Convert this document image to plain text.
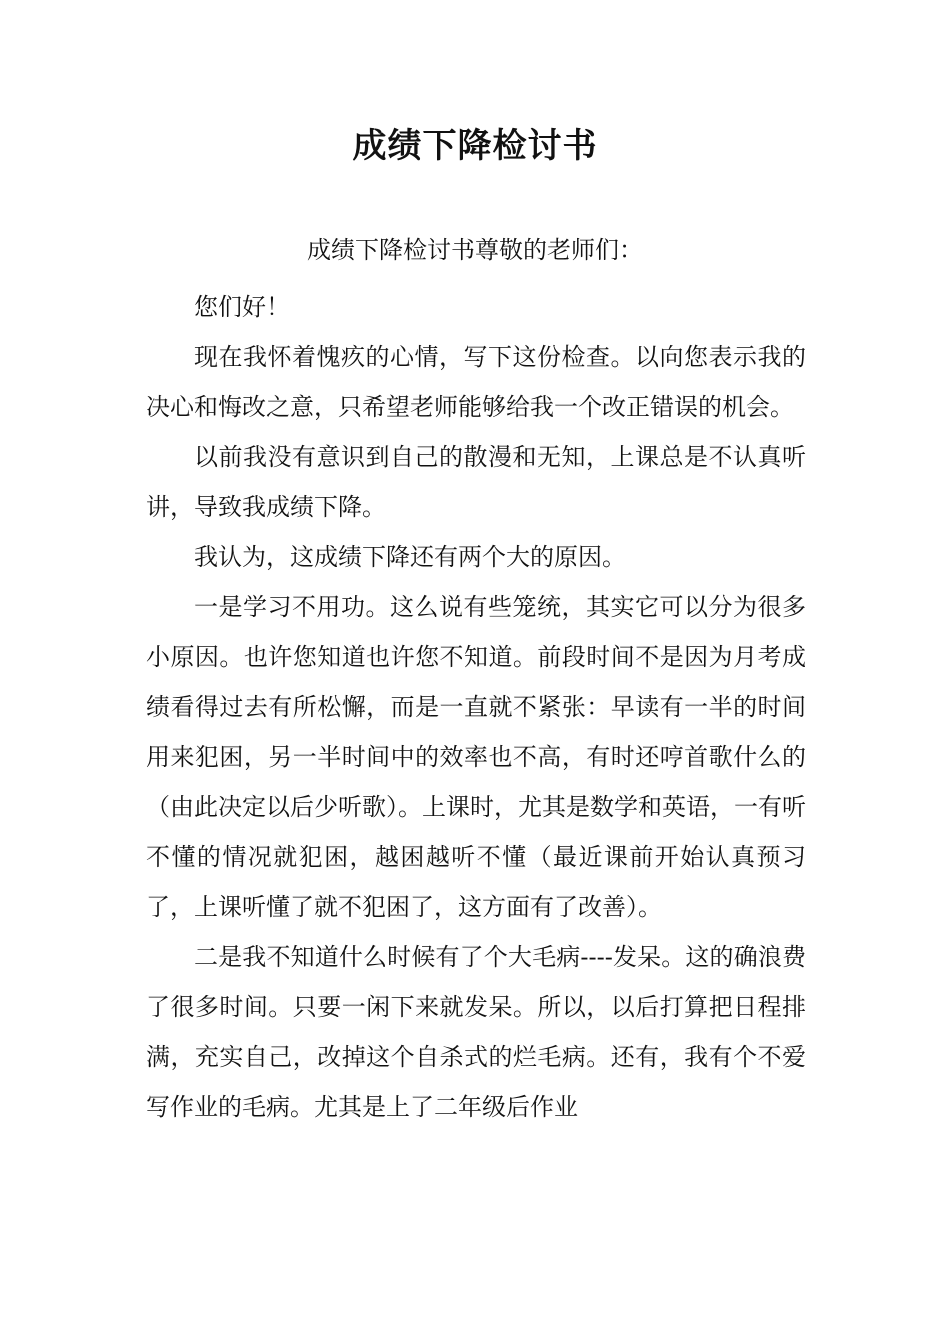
成绩下降检讨书
成绩下降检讨书尊敬的老师们：

您们好！

现在我怀着愧疚的心情，写下这份检查。以向您表示我的决心和悔改之意，只希望老师能够给我一个改正错误的机会。

以前我没有意识到自己的散漫和无知，上课总是不认真听讲，导致我成绩下降。

我认为，这成绩下降还有两个大的原因。

一是学习不用功。这么说有些笼统，其实它可以分为很多小原因。也许您知道也许您不知道。前段时间不是因为月考成绩看得过去有所松懈，而是一直就不紧张：早读有一半的时间用来犯困，另一半时间中的效率也不高，有时还哼首歌什么的（由此决定以后少听歌）。上课时，尤其是数学和英语，一有听不懂的情况就犯困，越困越听不懂（最近课前开始认真预习了，上课听懂了就不犯困了，这方面有了改善）。

二是我不知道什么时候有了个大毛病----发呆。这的确浪费了很多时间。只要一闲下来就发呆。所以，以后打算把日程排满，充实自己，改掉这个自杀式的烂毛病。还有，我有个不爱写作业的毛病。尤其是上了二年级后作业
